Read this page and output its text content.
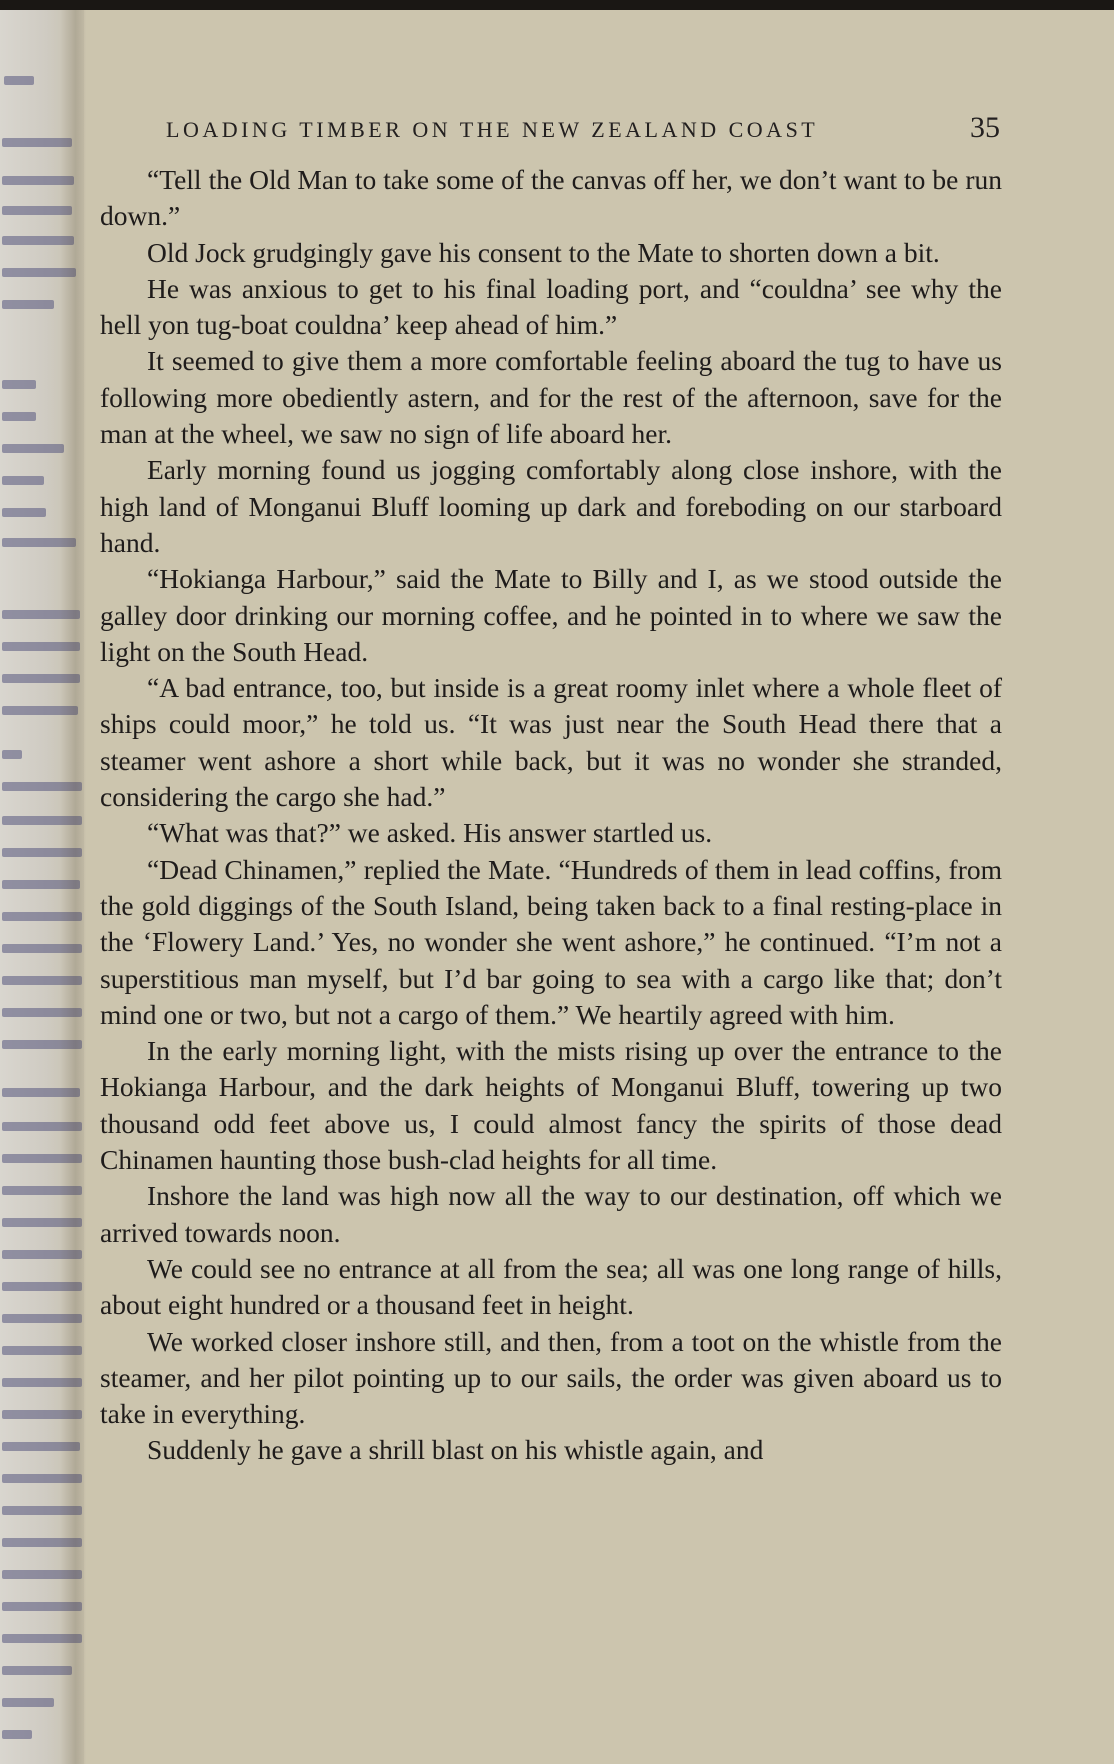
LOADING TIMBER ON THE NEW ZEALAND COAST	35

“Tell the Old Man to take some of the canvas off her, we don’t want to be run down.”

Old Jock grudgingly gave his consent to the Mate to shorten down a bit.

He was anxious to get to his final loading port, and “couldna’ see why the hell yon tug-boat couldna’ keep ahead of him.”

It seemed to give them a more comfortable feeling aboard the tug to have us following more obediently astern, and for the rest of the afternoon, save for the man at the wheel, we saw no sign of life aboard her.

Early morning found us jogging comfortably along close inshore, with the high land of Monganui Bluff looming up dark and foreboding on our starboard hand.

“Hokianga Harbour,” said the Mate to Billy and I, as we stood outside the galley door drinking our morning coffee, and he pointed in to where we saw the light on the South Head.

“A bad entrance, too, but inside is a great roomy inlet where a whole fleet of ships could moor,” he told us. “It was just near the South Head there that a steamer went ashore a short while back, but it was no wonder she stranded, considering the cargo she had.”

“What was that?” we asked. His answer startled us.

“Dead Chinamen,” replied the Mate. “Hundreds of them in lead coffins, from the gold diggings of the South Island, being taken back to a final resting-place in the ‘Flowery Land.’ Yes, no wonder she went ashore,” he continued. “I’m not a superstitious man myself, but I’d bar going to sea with a cargo like that; don’t mind one or two, but not a cargo of them.” We heartily agreed with him.

In the early morning light, with the mists rising up over the entrance to the Hokianga Harbour, and the dark heights of Monganui Bluff, towering up two thousand odd feet above us, I could almost fancy the spirits of those dead Chinamen haunting those bush-clad heights for all time.

Inshore the land was high now all the way to our destination, off which we arrived towards noon.

We could see no entrance at all from the sea; all was one long range of hills, about eight hundred or a thousand feet in height.

We worked closer inshore still, and then, from a toot on the whistle from the steamer, and her pilot pointing up to our sails, the order was given aboard us to take in everything.

Suddenly he gave a shrill blast on his whistle again, and
